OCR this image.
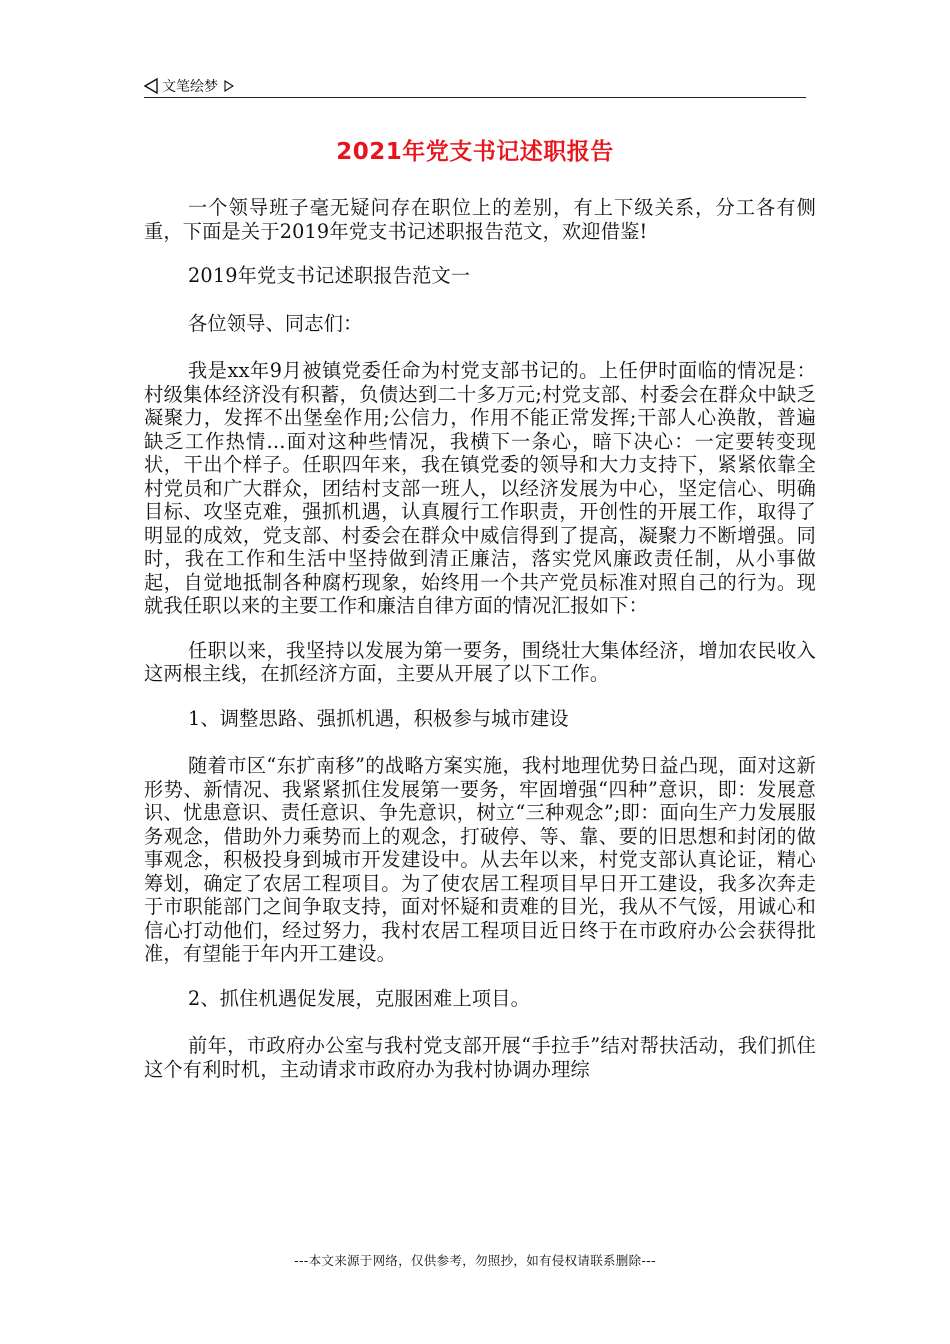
文笔绘梦
2021年党支书记述职报告

一个领导班子毫无疑问存在职位上的差别，有上下级关系，分工各有侧重，下面是关于2019年党支书记述职报告范文，欢迎借鉴!

2019年党支书记述职报告范文一

各位领导、同志们：

我是xx年9月被镇党委任命为村党支部书记的。上任伊时面临的情况是：村级集体经济没有积蓄，负债达到二十多万元;村党支部、村委会在群众中缺乏凝聚力，发挥不出堡垒作用;公信力，作用不能正常发挥;干部人心涣散，普遍缺乏工作热情…面对这种些情况，我横下一条心，暗下决心：一定要转变现状，干出个样子。任职四年来，我在镇党委的领导和大力支持下，紧紧依靠全村党员和广大群众，团结村支部一班人，以经济发展为中心，坚定信心、明确目标、攻坚克难，强抓机遇，认真履行工作职责，开创性的开展工作，取得了明显的成效，党支部、村委会在群众中威信得到了提高，凝聚力不断增强。同时，我在工作和生活中坚持做到清正廉洁，落实党风廉政责任制，从小事做起，自觉地抵制各种腐朽现象，始终用一个共产党员标准对照自己的行为。现就我任职以来的主要工作和廉洁自律方面的情况汇报如下：

任职以来，我坚持以发展为第一要务，围绕壮大集体经济，增加农民收入这两根主线，在抓经济方面，主要从开展了以下工作。

1、调整思路、强抓机遇，积极参与城市建设

随着市区“东扩南移”的战略方案实施，我村地理优势日益凸现，面对这新形势、新情况、我紧紧抓住发展第一要务，牢固增强“四种”意识，即：发展意识、忧患意识、责任意识、争先意识，树立“三种观念”;即：面向生产力发展服务观念，借助外力乘势而上的观念，打破停、等、靠、要的旧思想和封闭的做事观念，积极投身到城市开发建设中。从去年以来，村党支部认真论证，精心筹划，确定了农居工程项目。为了使农居工程项目早日开工建设，我多次奔走于市职能部门之间争取支持，面对怀疑和责难的目光，我从不气馁，用诚心和信心打动他们，经过努力，我村农居工程项目近日终于在市政府办公会获得批准，有望能于年内开工建设。

2、抓住机遇促发展，克服困难上项目。

前年，市政府办公室与我村党支部开展“手拉手”结对帮扶活动，我们抓住这个有利时机，主动请求市政府办为我村协调办理综

---本文来源于网络，仅供参考，勿照抄，如有侵权请联系删除---
